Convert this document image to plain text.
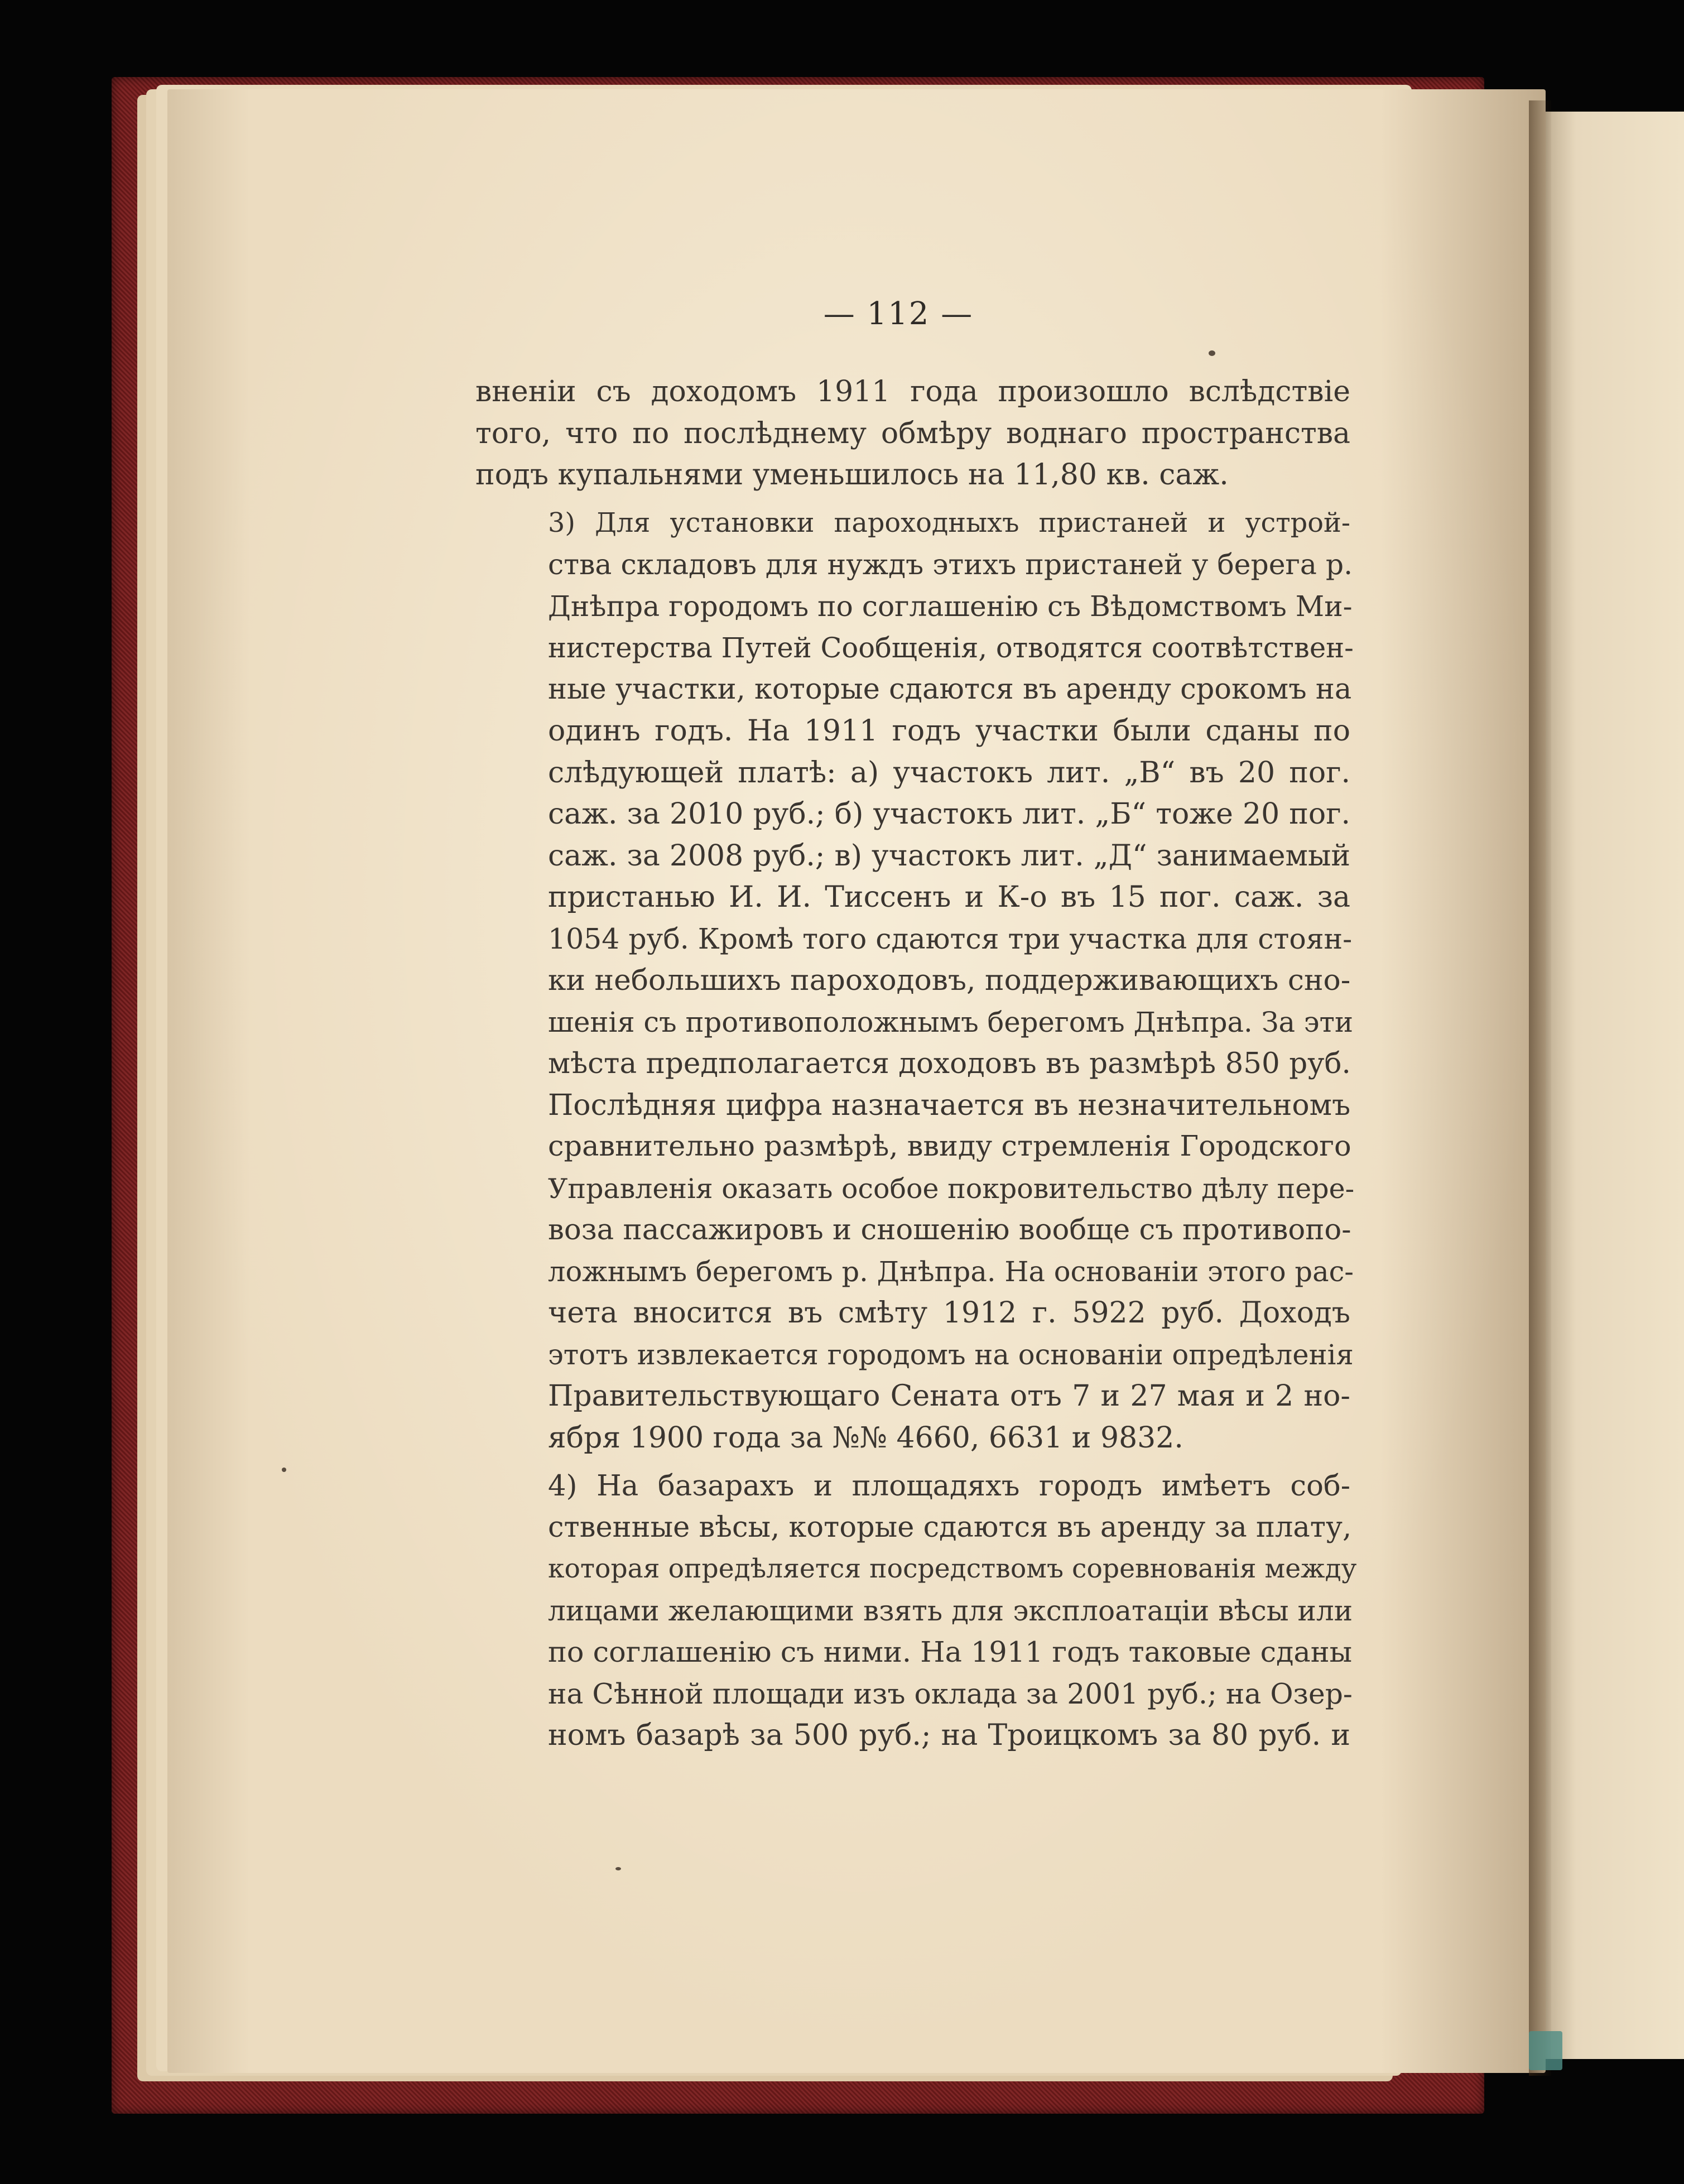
— 112 —

вненіи съ доходомъ 1911 года произошло вслѣдствіе
того, что по послѣднему обмѣру воднаго пространства
подъ купальнями уменьшилось на 11,80 кв. саж.

3) Для установки пароходныхъ пристаней и устрой-
ства складовъ для нуждъ этихъ пристаней у берега р.
Днѣпра городомъ по соглашенію съ Вѣдомствомъ Ми-
нистерства Путей Сообщенія, отводятся соотвѣтствен-
ные участки, которые сдаются въ аренду срокомъ на
одинъ годъ. На 1911 годъ участки были сданы по
слѣдующей платѣ: а) участокъ лит. „В“ въ 20 пог.
саж. за 2010 руб.; б) участокъ лит. „Б“ тоже 20 пог.
саж. за 2008 руб.; в) участокъ лит. „Д“ занимаемый
пристанью И. И. Тиссенъ и К-о въ 15 пог. саж. за
1054 руб. Кромѣ того сдаются три участка для стоян-
ки небольшихъ пароходовъ, поддерживающихъ сно-
шенія съ противоположнымъ берегомъ Днѣпра. За эти
мѣста предполагается доходовъ въ размѣрѣ 850 руб.
Послѣдняя цифра назначается въ незначительномъ
сравнительно размѣрѣ, ввиду стремленія Городского
Управленія оказать особое покровительство дѣлу пере-
воза пассажировъ и сношенію вообще съ противопо-
ложнымъ берегомъ р. Днѣпра. На основаніи этого рас-
чета вносится въ смѣту 1912 г. 5922 руб. Доходъ
этотъ извлекается городомъ на основаніи опредѣленія
Правительствующаго Сената отъ 7 и 27 мая и 2 но-
ября 1900 года за №№ 4660, 6631 и 9832.

4) На базарахъ и площадяхъ городъ имѣетъ соб-
ственные вѣсы, которые сдаются въ аренду за плату,
которая опредѣляется посредствомъ соревнованія между
лицами желающими взять для эксплоатаціи вѣсы или
по соглашенію съ ними. На 1911 годъ таковые сданы
на Сѣнной площади изъ оклада за 2001 руб.; на Озер-
номъ базарѣ за 500 руб.; на Троицкомъ за 80 руб. и
